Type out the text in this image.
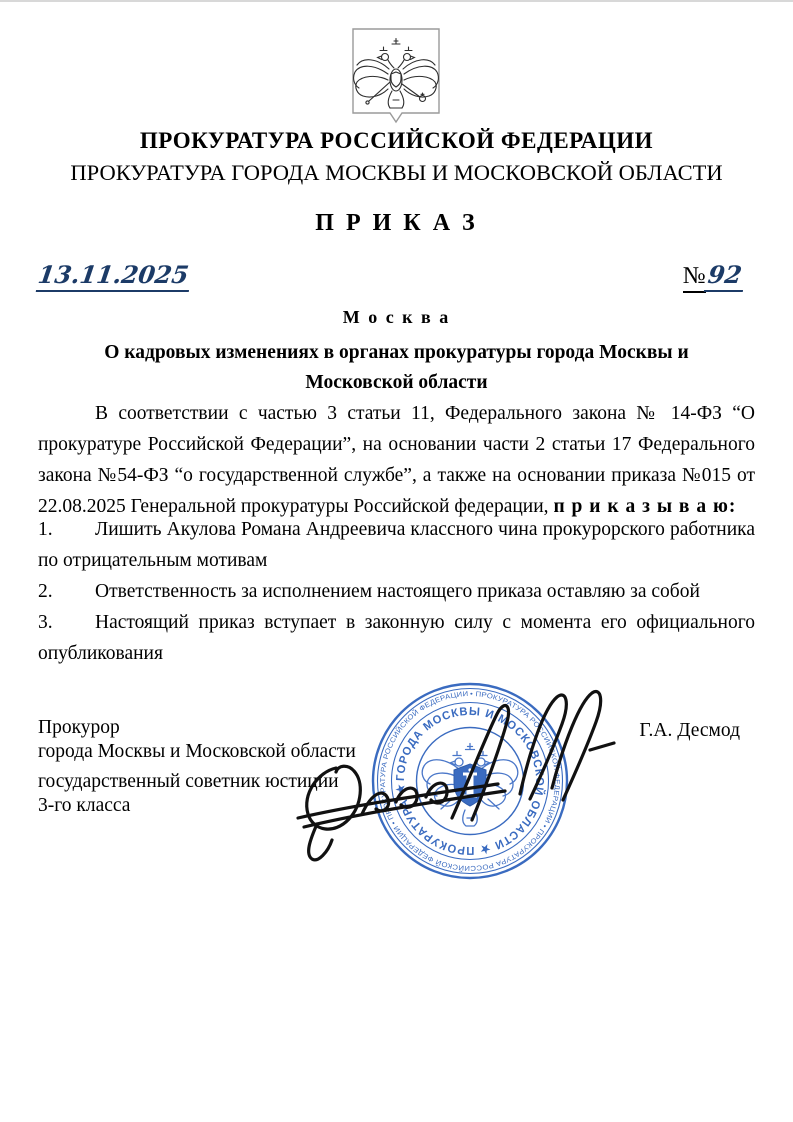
ПРОКУРАТУРА РОССИЙСКОЙ ФЕДЕРАЦИИ
ПРОКУРАТУРА ГОРОДА МОСКВЫ И МОСКОВСКОЙ ОБЛАСТИ
П Р И К А З
13.11.2025	№ 92
М о с к в а
О кадровых изменениях в органах прокуратуры города Москвы и Московской области

В соответствии с частью 3 статьи 11, Федерального закона № 14-ФЗ “О прокуратуре Российской Федерации”, на основании части 2 статьи 17 Федерального закона №54-ФЗ “о государственной службе”, а также на основании приказа №015 от 22.08.2025 Генеральной прокуратуры Российской федерации, п р и к а з ы в а ю:

1. Лишить Акулова Романа Андреевича классного чина прокурорского работника по отрицательным мотивам

2. Ответственность за исполнением настоящего приказа оставляю за собой

3. Настоящий приказ вступает в законную силу с момента его официального опубликования

Прокурор
города Москвы и Московской области

государственный советник юстиции
3-го класса

Г.А. Десмод
• ПРОКУРАТУРА РОССИЙСКОЙ ФЕДЕРАЦИИ • ПРОКУРАТУРА РОССИЙСКОЙ ФЕДЕРАЦИИ • ПРОКУРАТУРА РОССИЙСКОЙ ФЕДЕРАЦИИ
ГОРОДА МОСКВЫ И МОСКОВСКОЙ ОБЛАСТИ ★ ПРОКУРАТУРА ★
